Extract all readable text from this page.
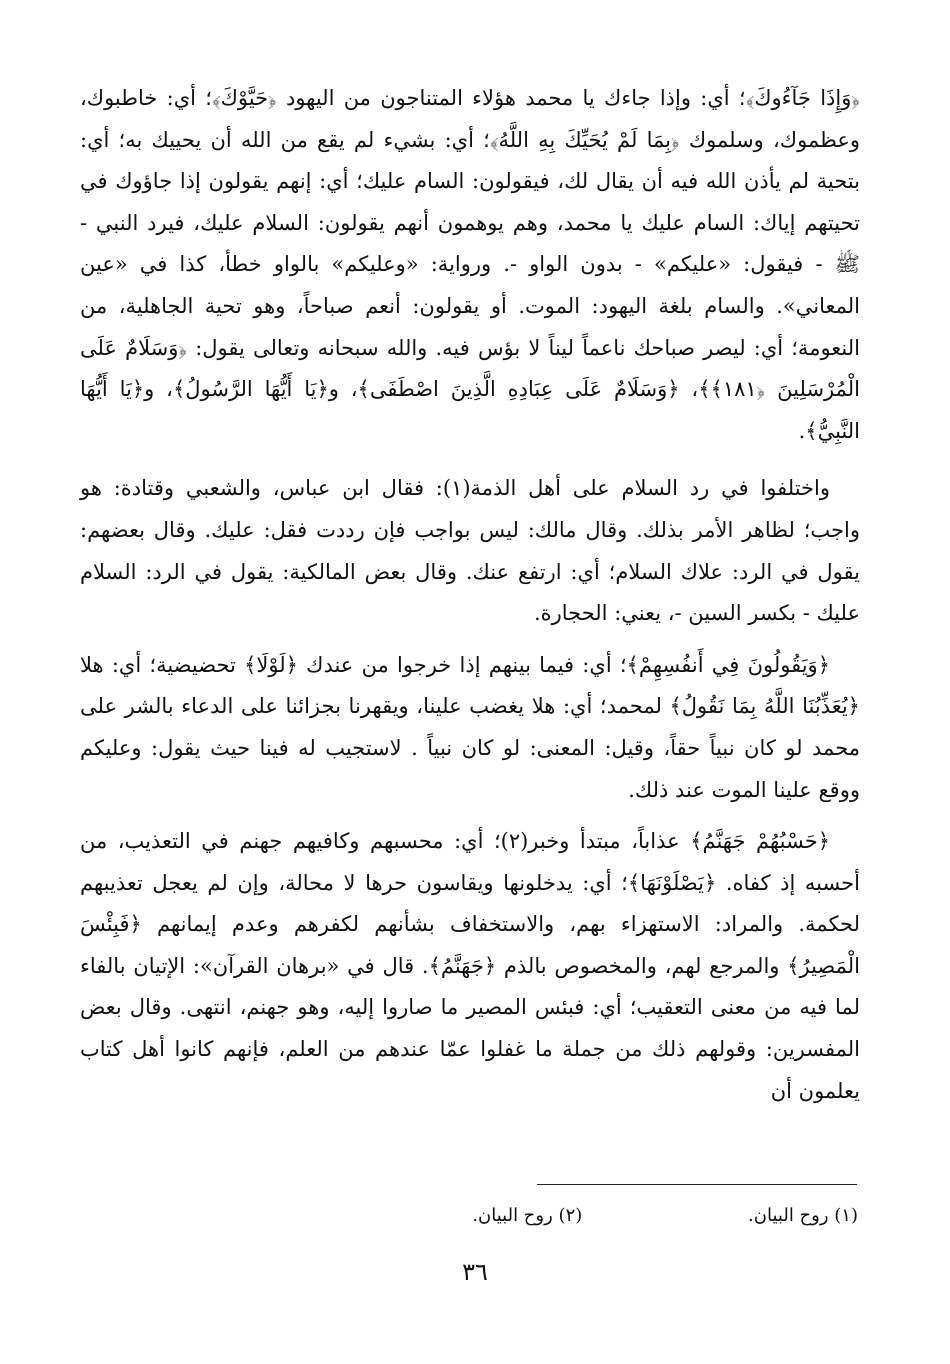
﴿وَإِذَا جَآءُوكَ﴾؛ أي: وإذا جاءك يا محمد هؤلاء المتناجون من اليهود ﴿حَيَّوْكَ﴾؛ أي: خاطبوك، وعظموك، وسلموك ﴿بِمَا لَمْ يُحَيِّكَ بِهِ اللَّهُ﴾؛ أي: بشيء لم يقع من الله أن يحييك به؛ أي: بتحية لم يأذن الله فيه أن يقال لك، فيقولون: السام عليك؛ أي: إنهم يقولون إذا جاؤوك في تحيتهم إياك: السام عليك يا محمد، وهم يوهمون أنهم يقولون: السلام عليك، فيرد النبي - ﷺ - فيقول: «عليكم» - بدون الواو -. ورواية: «وعليكم» بالواو خطأ، كذا في «عين المعاني». والسام بلغة اليهود: الموت. أو يقولون: أنعم صباحاً، وهو تحية الجاهلية، من النعومة؛ أي: ليصر صباحك ناعماً ليناً لا بؤس فيه. والله سبحانه وتعالى يقول: ﴿وَسَلَامٌ عَلَى الْمُرْسَلِينَ ﴿١٨١﴾﴾، ﴿وَسَلَامٌ عَلَى عِبَادِهِ الَّذِينَ اصْطَفَى﴾، و﴿يَا أَيُّهَا الرَّسُولُ﴾، و﴿يَا أَيُّهَا النَّبِيُّ﴾.

واختلفوا في رد السلام على أهل الذمة(١): فقال ابن عباس، والشعبي وقتادة: هو واجب؛ لظاهر الأمر بذلك. وقال مالك: ليس بواجب فإن رددت فقل: عليك. وقال بعضهم: يقول في الرد: علاك السلام؛ أي: ارتفع عنك. وقال بعض المالكية: يقول في الرد: السلام عليك - بكسر السين -، يعني: الحجارة.

﴿وَيَقُولُونَ فِي أَنفُسِهِمْ﴾؛ أي: فيما بينهم إذا خرجوا من عندك ﴿لَوْلَا﴾ تحضيضية؛ أي: هلا ﴿يُعَذِّبُنَا اللَّهُ بِمَا نَقُولُ﴾ لمحمد؛ أي: هلا يغضب علينا، ويقهرنا بجزائنا على الدعاء بالشر على محمد لو كان نبياً حقاً، وقيل: المعنى: لو كان نبياً . لاستجيب له فينا حيث يقول: وعليكم ووقع علينا الموت عند ذلك.

﴿حَسْبُهُمْ جَهَنَّمُ﴾ عذاباً، مبتدأ وخبر(٢)؛ أي: محسبهم وكافيهم جهنم في التعذيب، من أحسبه إذ كفاه. ﴿يَصْلَوْنَهَا﴾؛ أي: يدخلونها ويقاسون حرها لا محالة، وإن لم يعجل تعذيبهم لحكمة. والمراد: الاستهزاء بهم، والاستخفاف بشأنهم لكفرهم وعدم إيمانهم ﴿فَبِئْسَ الْمَصِيرُ﴾ والمرجع لهم، والمخصوص بالذم ﴿جَهَنَّمُ﴾. قال في «برهان القرآن»: الإتيان بالفاء لما فيه من معنى التعقيب؛ أي: فبئس المصير ما صاروا إليه، وهو جهنم، انتهى. وقال بعض المفسرين: وقولهم ذلك من جملة ما غفلوا عمّا عندهم من العلم، فإنهم كانوا أهل كتاب يعلمون أن

(١) روح البيان. (٢) روح البيان.
٣٦
